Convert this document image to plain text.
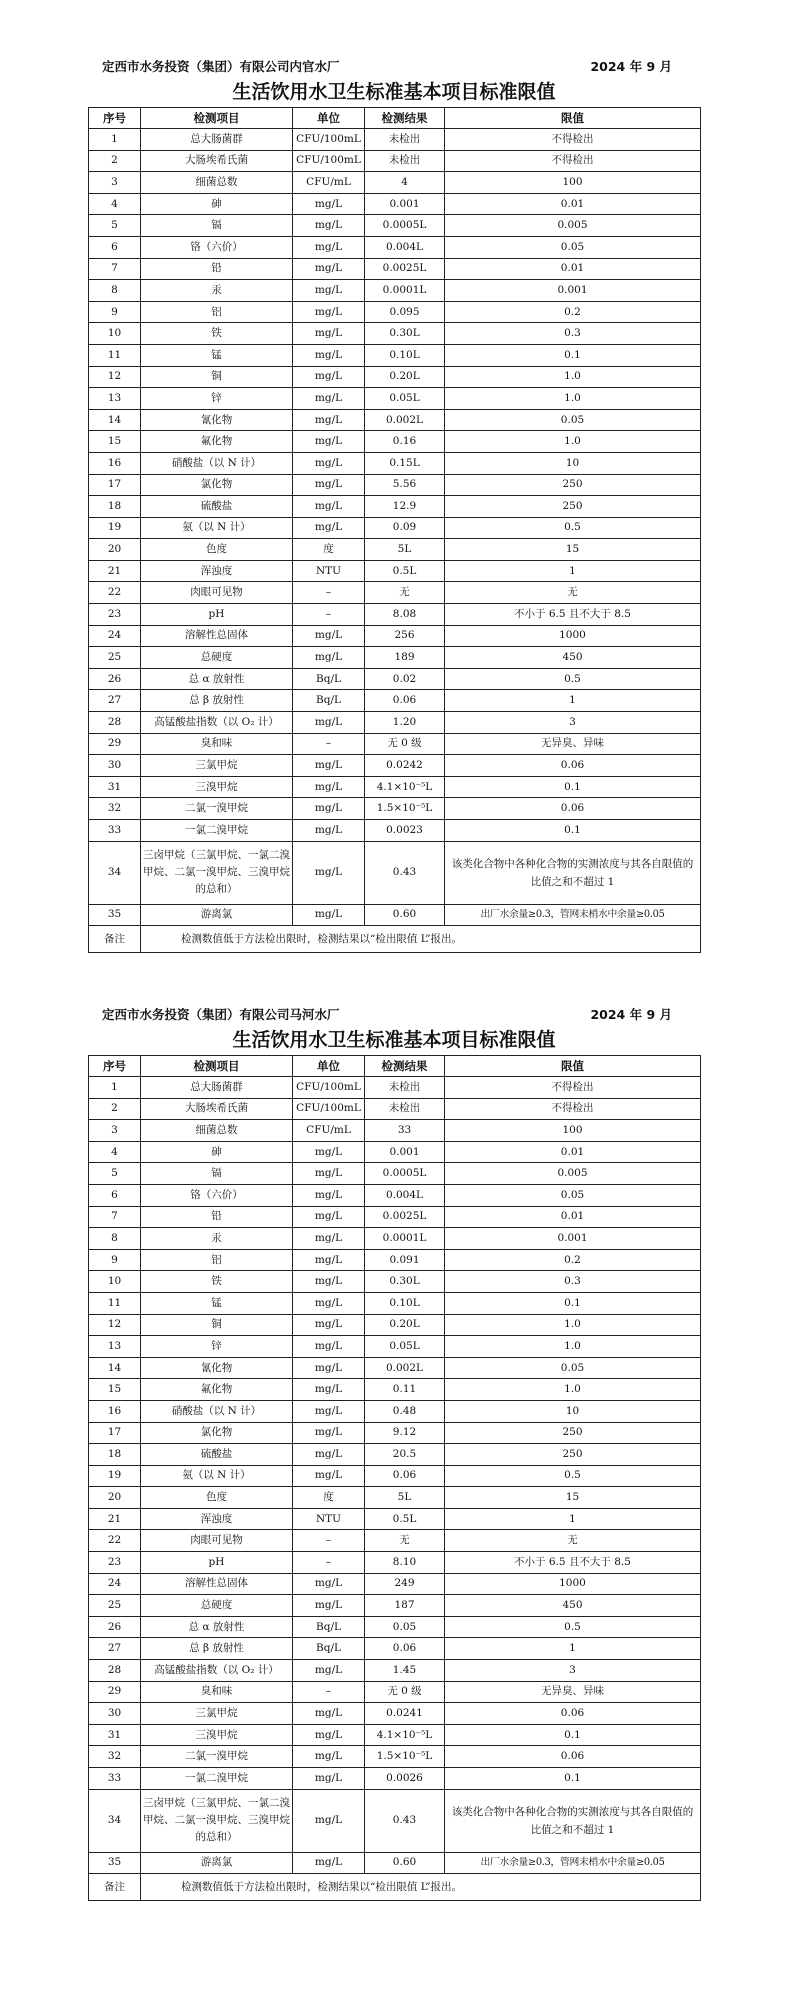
定西市水务投资（集团）有限公司内官水厂	2024 年 9 月
生活饮用水卫生标准基本项目标准限值
序号	检测项目	单位	检测结果	限值
1	总大肠菌群	CFU/100mL	未检出	不得检出
2	大肠埃希氏菌	CFU/100mL	未检出	不得检出
3	细菌总数	CFU/mL	4	100
4	砷	mg/L	0.001	0.01
5	镉	mg/L	0.0005L	0.005
6	铬（六价）	mg/L	0.004L	0.05
7	铅	mg/L	0.0025L	0.01
8	汞	mg/L	0.0001L	0.001
9	铝	mg/L	0.095	0.2
10	铁	mg/L	0.30L	0.3
11	锰	mg/L	0.10L	0.1
12	铜	mg/L	0.20L	1.0
13	锌	mg/L	0.05L	1.0
14	氰化物	mg/L	0.002L	0.05
15	氟化物	mg/L	0.16	1.0
16	硝酸盐（以 N 计）	mg/L	0.15L	10
17	氯化物	mg/L	5.56	250
18	硫酸盐	mg/L	12.9	250
19	氨（以 N 计）	mg/L	0.09	0.5
20	色度	度	5L	15
21	浑浊度	NTU	0.5L	1
22	肉眼可见物	–	无	无
23	pH	–	8.08	不小于 6.5 且不大于 8.5
24	溶解性总固体	mg/L	256	1000
25	总硬度	mg/L	189	450
26	总 α 放射性	Bq/L	0.02	0.5
27	总 β 放射性	Bq/L	0.06	1
28	高锰酸盐指数（以 O₂ 计）	mg/L	1.20	3
29	臭和味	–	无 0 级	无异臭、异味
30	三氯甲烷	mg/L	0.0242	0.06
31	三溴甲烷	mg/L	4.1×10⁻⁵L	0.1
32	二氯一溴甲烷	mg/L	1.5×10⁻⁵L	0.06
33	一氯二溴甲烷	mg/L	0.0023	0.1
34	三卤甲烷（三氯甲烷、一氯二溴甲烷、二氯一溴甲烷、三溴甲烷的总和）	mg/L	0.43	该类化合物中各种化合物的实测浓度与其各自限值的比值之和不超过 1
35	游离氯	mg/L	0.60	出厂水余量≥0.3，管网末梢水中余量≥0.05
备注	检测数值低于方法检出限时，检测结果以“检出限值 L”报出。			
定西市水务投资（集团）有限公司马河水厂	2024 年 9 月
生活饮用水卫生标准基本项目标准限值
序号	检测项目	单位	检测结果	限值
1	总大肠菌群	CFU/100mL	未检出	不得检出
2	大肠埃希氏菌	CFU/100mL	未检出	不得检出
3	细菌总数	CFU/mL	33	100
4	砷	mg/L	0.001	0.01
5	镉	mg/L	0.0005L	0.005
6	铬（六价）	mg/L	0.004L	0.05
7	铅	mg/L	0.0025L	0.01
8	汞	mg/L	0.0001L	0.001
9	铝	mg/L	0.091	0.2
10	铁	mg/L	0.30L	0.3
11	锰	mg/L	0.10L	0.1
12	铜	mg/L	0.20L	1.0
13	锌	mg/L	0.05L	1.0
14	氰化物	mg/L	0.002L	0.05
15	氟化物	mg/L	0.11	1.0
16	硝酸盐（以 N 计）	mg/L	0.48	10
17	氯化物	mg/L	9.12	250
18	硫酸盐	mg/L	20.5	250
19	氨（以 N 计）	mg/L	0.06	0.5
20	色度	度	5L	15
21	浑浊度	NTU	0.5L	1
22	肉眼可见物	–	无	无
23	pH	–	8.10	不小于 6.5 且不大于 8.5
24	溶解性总固体	mg/L	249	1000
25	总硬度	mg/L	187	450
26	总 α 放射性	Bq/L	0.05	0.5
27	总 β 放射性	Bq/L	0.06	1
28	高锰酸盐指数（以 O₂ 计）	mg/L	1.45	3
29	臭和味	–	无 0 级	无异臭、异味
30	三氯甲烷	mg/L	0.0241	0.06
31	三溴甲烷	mg/L	4.1×10⁻⁵L	0.1
32	二氯一溴甲烷	mg/L	1.5×10⁻⁵L	0.06
33	一氯二溴甲烷	mg/L	0.0026	0.1
34	三卤甲烷（三氯甲烷、一氯二溴甲烷、二氯一溴甲烷、三溴甲烷的总和）	mg/L	0.43	该类化合物中各种化合物的实测浓度与其各自限值的比值之和不超过 1
35	游离氯	mg/L	0.60	出厂水余量≥0.3，管网末梢水中余量≥0.05
备注	检测数值低于方法检出限时，检测结果以“检出限值 L”报出。			
